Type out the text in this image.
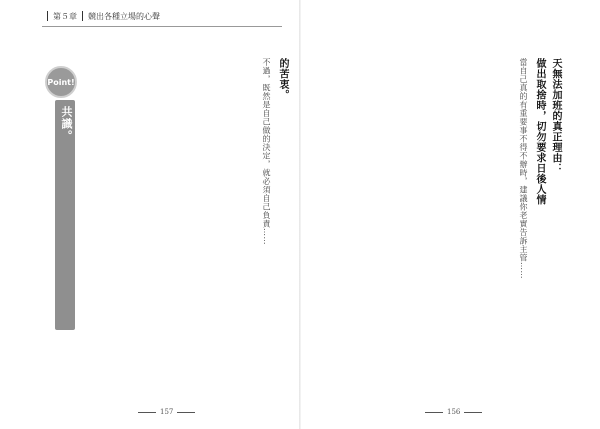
第５章 競出各種立場的心聲
Point!
明白知告各人苦衷，雙方各退一步，達到共識。

的苦衷。

不過，既然是自己做的決定，就必須自己負責……	天無法加班的真正理由：

做出取捨時，切勿要求日後人情

當自己真的有重要事不得不辦時，建議你老實告訴主管……

157	156
